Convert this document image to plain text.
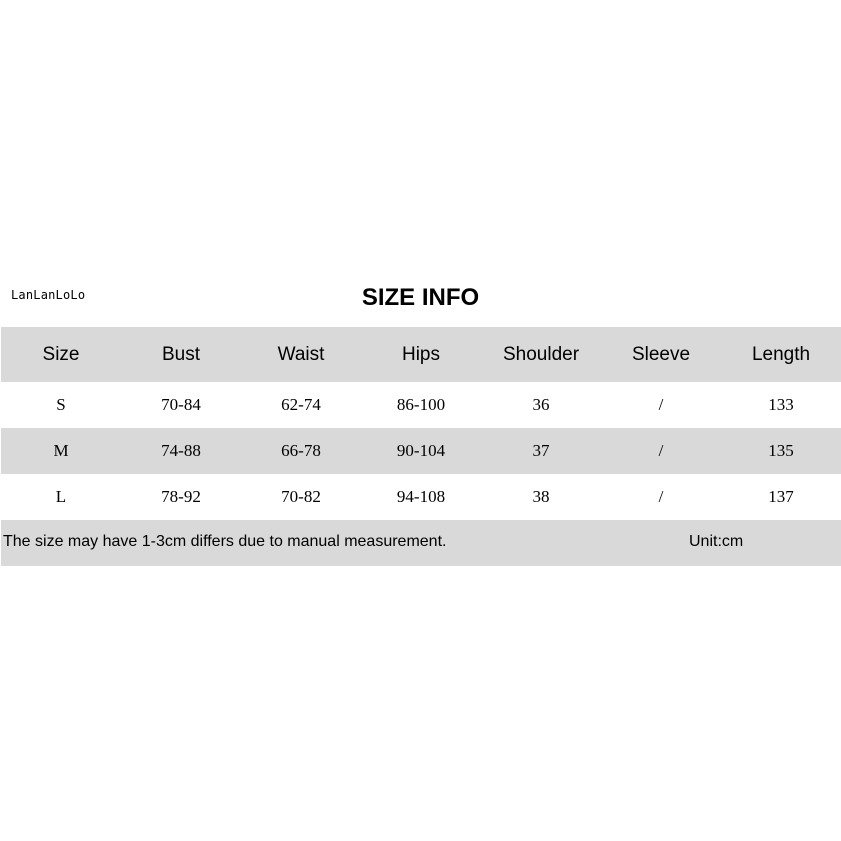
LanLanLoLo	SIZE INFO
Size	Bust	Waist	Hips	Shoulder	Sleeve	Length
S	70-84	62-74	86-100	36	/	133
M	74-88	66-78	90-104	37	/	135
L	78-92	70-82	94-108	38	/	137
The size may have 1-3cm differs due to manual measurement.	Unit:cm
